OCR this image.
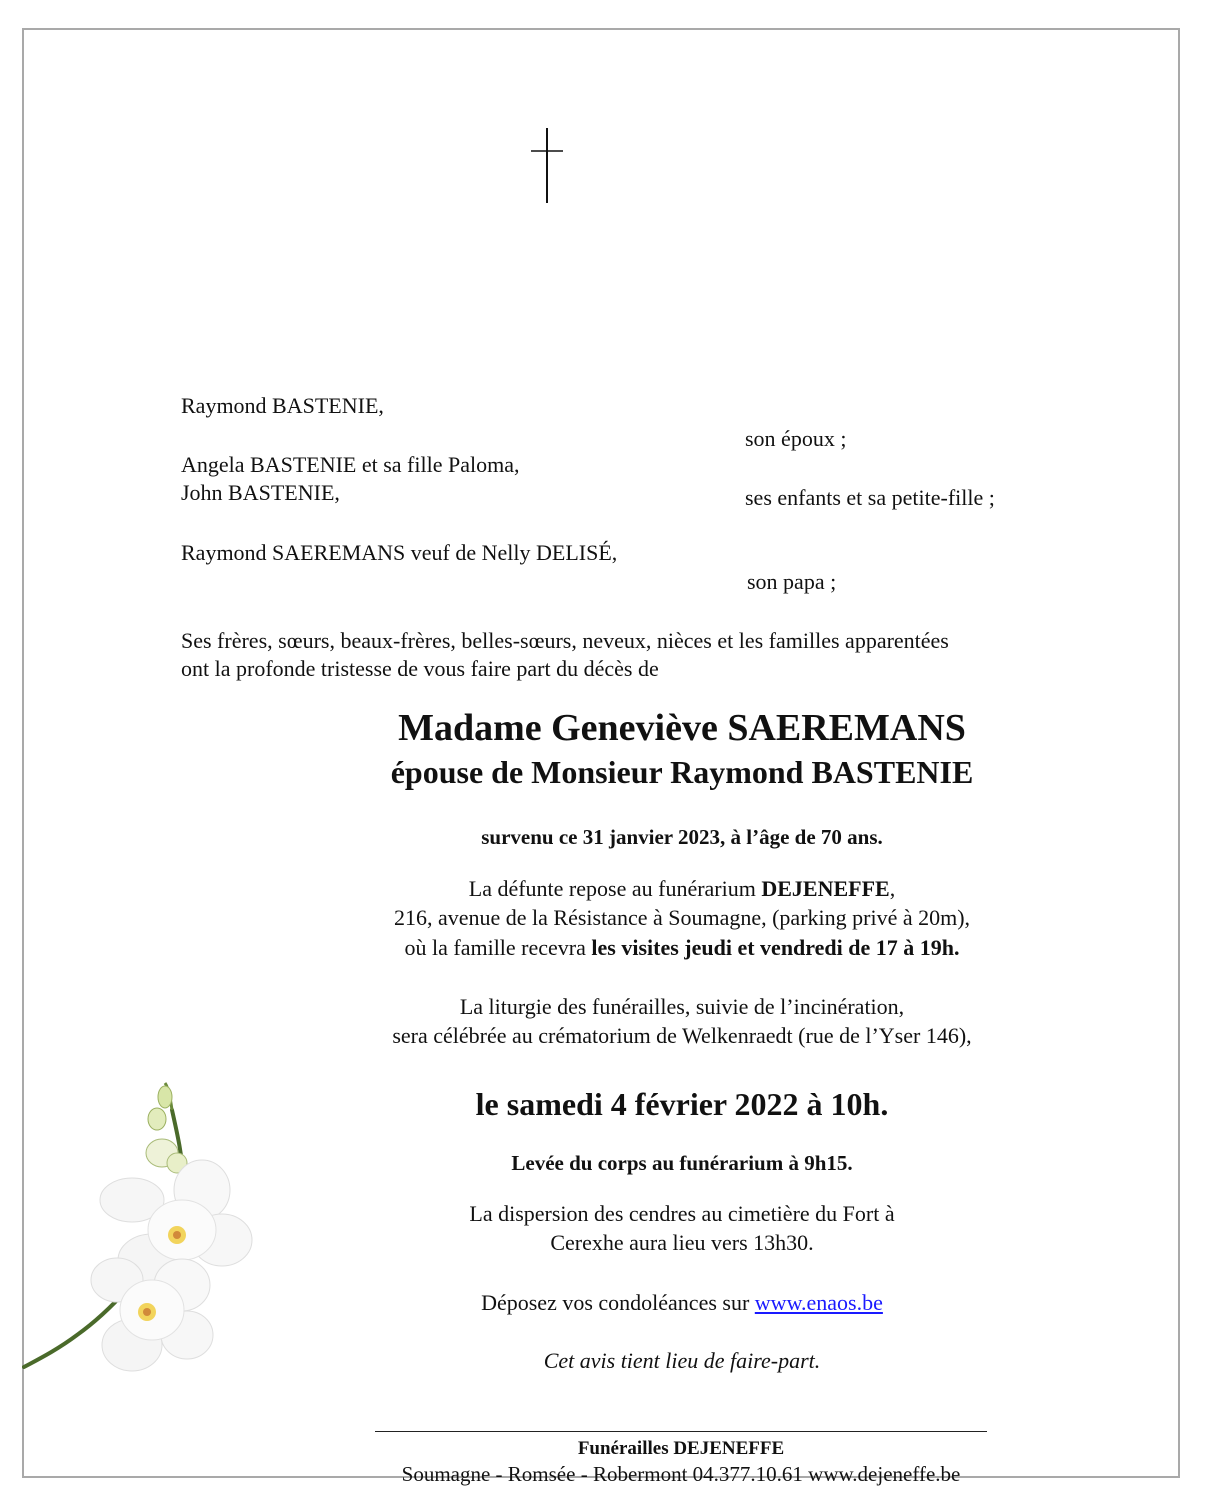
Raymond BASTENIE,
son époux ;
Angela BASTENIE et sa fille Paloma,
John BASTENIE,	ses enfants et sa petite-fille ;
Raymond SAEREMANS veuf de Nelly DELISÉ,
son papa ;
Ses frères, sœurs, beaux-frères, belles-sœurs, neveux, nièces et les familles apparentées
ont la profonde tristesse de vous faire part du décès de
Madame Geneviève SAEREMANS
épouse de Monsieur Raymond BASTENIE
survenu ce 31 janvier 2023, à l’âge de 70 ans.
La défunte repose au funérarium DEJENEFFE,
216, avenue de la Résistance à Soumagne, (parking privé à 20m),
où la famille recevra les visites jeudi et vendredi de 17 à 19h.
La liturgie des funérailles, suivie de l’incinération,
sera célébrée au crématorium de Welkenraedt (rue de l’Yser 146),
le samedi 4 février 2022 à 10h.
Levée du corps au funérarium à 9h15.
La dispersion des cendres au cimetière du Fort à
Cerexhe aura lieu vers 13h30.
Déposez vos condoléances sur www.enaos.be
Cet avis tient lieu de faire-part.
Funérailles DEJENEFFE
Soumagne - Romsée - Robermont 04.377.10.61 www.dejeneffe.be
